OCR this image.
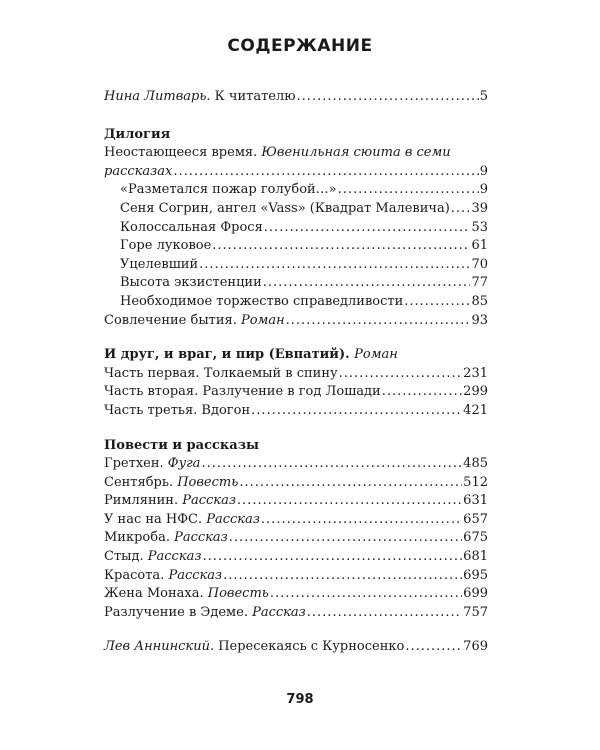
СОДЕРЖАНИЕ
Нина Литварь. К читателю .....	5
Дилогия
Неостающееся время. Ювенильная сюита в семи
рассказах .....	9
«Разметался пожар голубой…» .....	9
Сеня Согрин, ангел «Vass» (Квадрат Малевича) ..... 39
Колоссальная Фрося .....	53
Горе луковое .....	61
Уцелевший .....	70
Высота экзистенции .....	77
Необходимое торжество справедливости .....	85
Совлечение бытия. Роман .....	93
И друг, и враг, и пир (Евпатий). Роман
Часть первая. Толкаемый в спину .....	231
Часть вторая. Разлучение в год Лошади .....	299
Часть третья. Вдогон .....	421
Повести и рассказы
Гретхен. Фуга .....	485
Сентябрь. Повесть .....	512
Римлянин. Рассказ .....	631
У нас на НФС. Рассказ .....	657
Микроба. Рассказ .....	675
Стыд. Рассказ .....	681
Красота. Рассказ .....	695
Жена Монаха. Повесть .....	699
Разлучение в Эдеме. Рассказ .....	757
Лев Аннинский. Пересекаясь с Курносенко .....	769
798
